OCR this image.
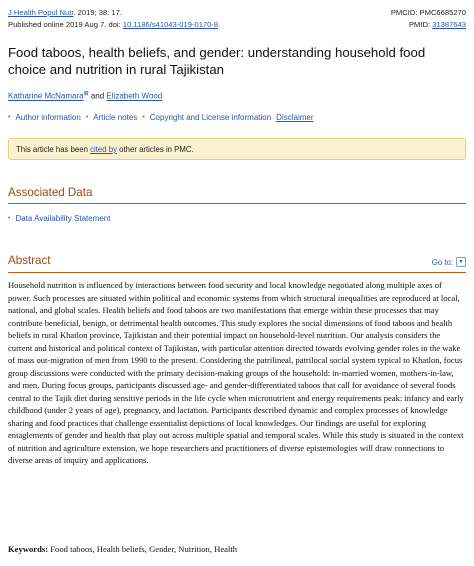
J Health Popul Nutr. 2019; 38: 17.	PMCID: PMC6685270
Published online 2019 Aug 7. doi: 10.1186/s41043-019-0170-8	PMID: 31387643
Food taboos, health beliefs, and gender: understanding household food choice and nutrition in rural Tajikistan
Katharine McNamara⊠ and Elizabeth Wood
• Author information • Article notes • Copyright and License information Disclaimer
This article has been cited by other articles in PMC.
Associated Data
• Data Availability Statement
Abstract	Go to:	▾
Household nutrition is influenced by interactions between food security and local knowledge negotiated along multiple axes of power. Such processes are situated within political and economic systems from which structural inequalities are reproduced at local, national, and global scales. Health beliefs and food taboos are two manifestations that emerge within these processes that may contribute beneficial, benign, or detrimental health outcomes. This study explores the social dimensions of food taboos and health beliefs in rural Khatlon province, Tajikistan and their potential impact on household-level nutrition. Our analysis considers the current and historical and political context of Tajikistan, with particular attention directed towards evolving gender roles in the wake of mass out-migration of men from 1990 to the present. Considering the patrilineal, patrilocal social system typical to Khatlon, focus group discussions were conducted with the primary decision-making groups of the household: in-married women, mothers-in-law, and men. During focus groups, participants discussed age- and gender-differentiated taboos that call for avoidance of several foods central to the Tajik diet during sensitive periods in the life cycle when micronutrient and energy requirements peak: infancy and early childhood (under 2 years of age), pregnancy, and lactation. Participants described dynamic and complex processes of knowledge sharing and food practices that challenge essentialist depictions of local knowledges. Our findings are useful for exploring entaglements of gender and health that play out across multiple spatial and temporal scales. While this study is situated in the context of nutrition and agriculture extension, we hope researchers and practitioners of diverse epistemologies will draw connections to diverse areas of inquiry and applications.
Keywords: Food taboos, Health beliefs, Gender, Nutrition, Health
